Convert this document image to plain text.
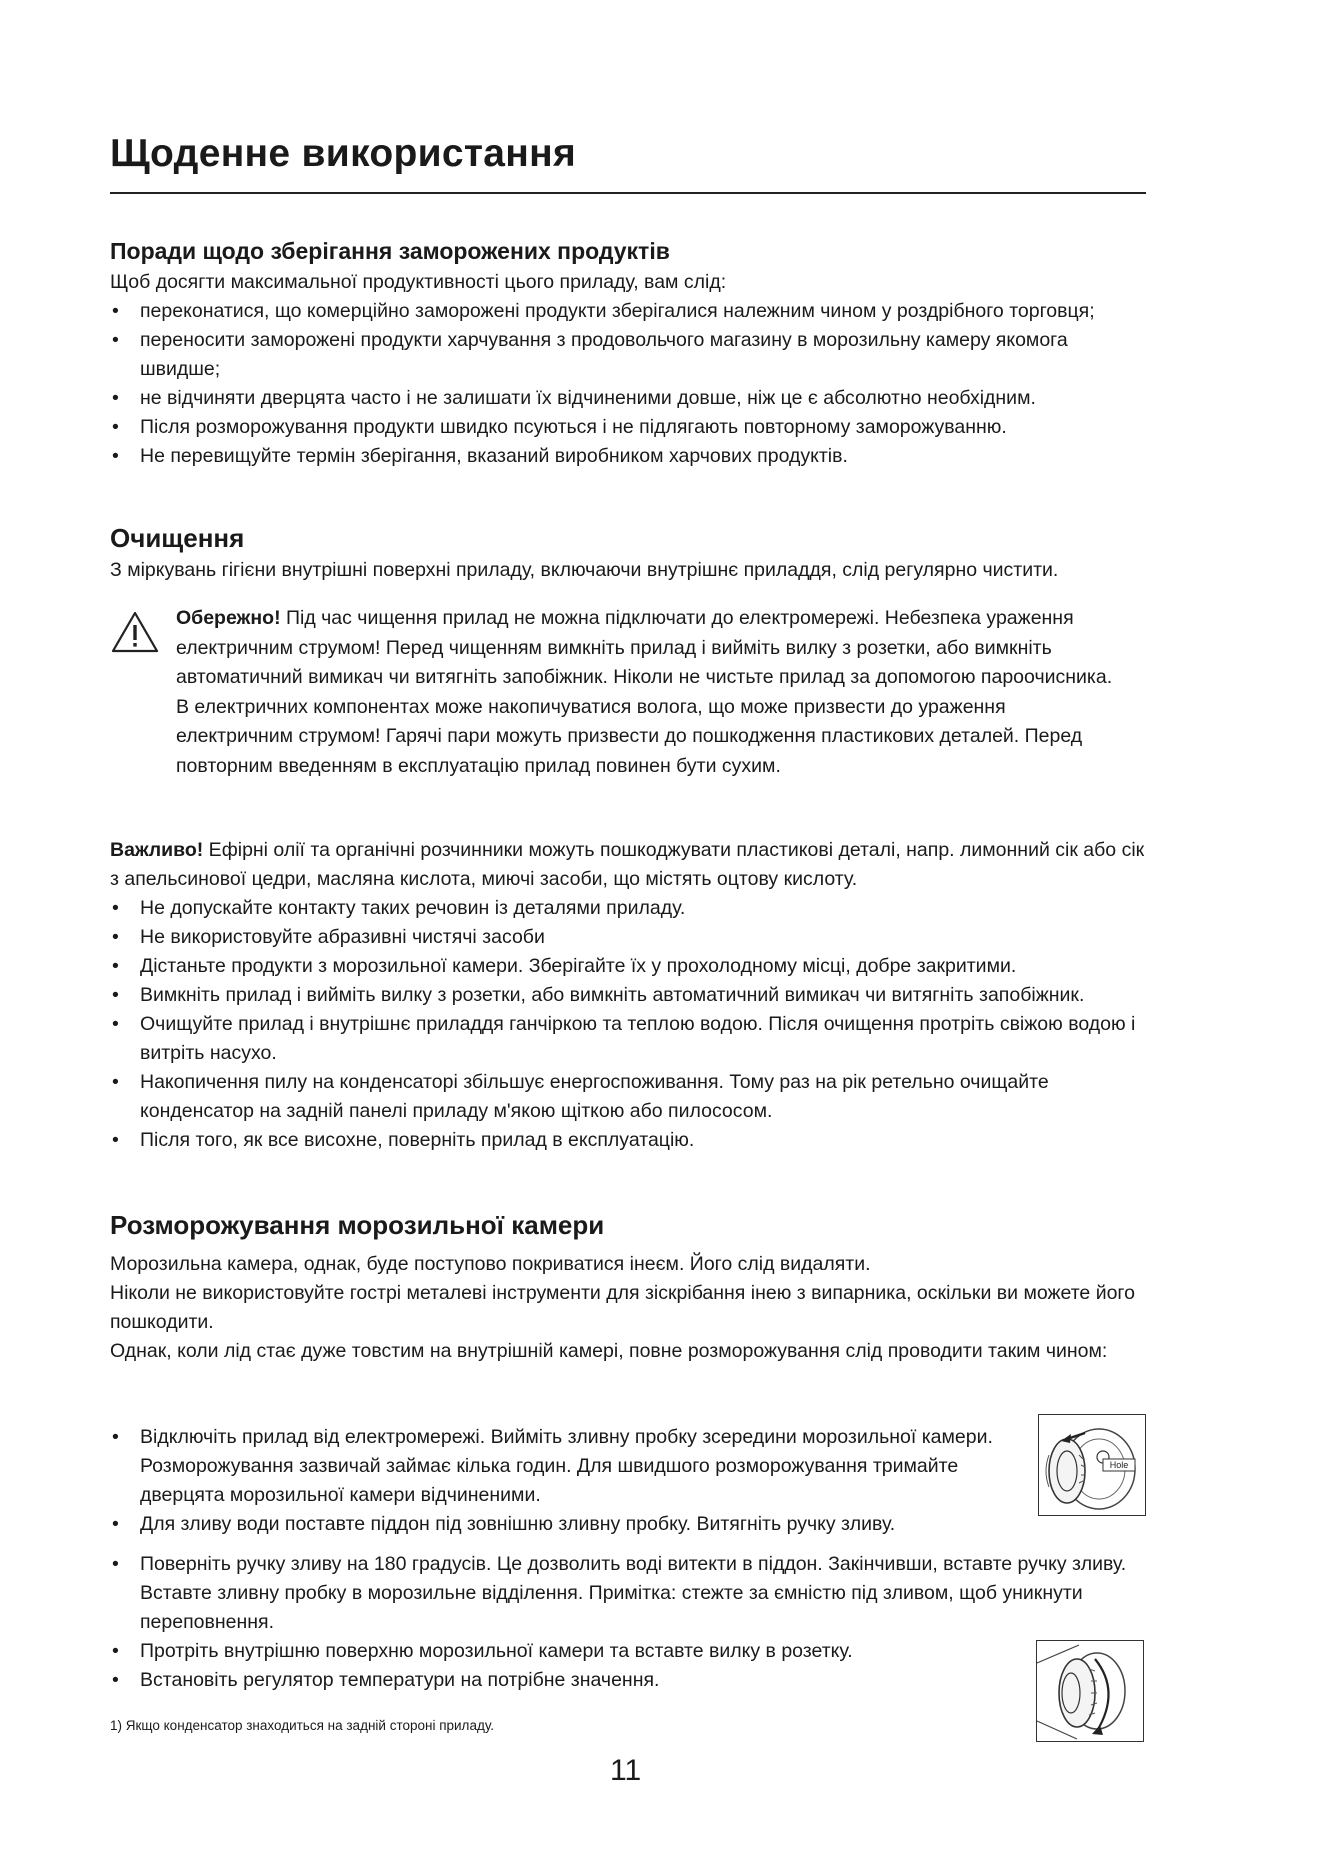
Щоденне використання
Поради щодо зберігання заморожених продуктів

Щоб досягти максимальної продуктивності цього приладу, вам слід:

• переконатися, що комерційно заморожені продукти зберігалися належним чином у роздрібного торговця;
• переносити заморожені продукти харчування з продовольчого магазину в морозильну камеру якомога швидше;
• не відчиняти дверцята часто і не залишати їх відчиненими довше, ніж це є абсолютно необхідним.
• Після розморожування продукти швидко псуються і не підлягають повторному заморожуванню.
• Не перевищуйте термін зберігання, вказаний виробником харчових продуктів.
Очищення

З міркувань гігієни внутрішні поверхні приладу, включаючи внутрішнє приладдя, слід регулярно чистити.

Обережно! Під час чищення прилад не можна підключати до електромережі. Небезпека ураження електричним струмом! Перед чищенням вимкніть прилад і вийміть вилку з розетки, або вимкніть автоматичний вимикач чи витягніть запобіжник. Ніколи не чистьте прилад за допомогою пароочисника. В електричних компонентах може накопичуватися волога, що може призвести до ураження електричним струмом! Гарячі пари можуть призвести до пошкодження пластикових деталей. Перед повторним введенням в експлуатацію прилад повинен бути сухим.

Важливо! Ефірні олії та органічні розчинники можуть пошкоджувати пластикові деталі, напр. лимонний сік або сік з апельсинової цедри, масляна кислота, миючі засоби, що містять оцтову кислоту.

• Не допускайте контакту таких речовин із деталями приладу.
• Не використовуйте абразивні чистячі засоби
• Дістаньте продукти з морозильної камери. Зберігайте їх у прохолодному місці, добре закритими.
• Вимкніть прилад і вийміть вилку з розетки, або вимкніть автоматичний вимикач чи витягніть запобіжник.
• Очищуйте прилад і внутрішнє приладдя ганчіркою та теплою водою. Після очищення протріть свіжою водою і витріть насухо.
• Накопичення пилу на конденсаторі збільшує енергоспоживання. Тому раз на рік ретельно очищайте конденсатор на задній панелі приладу м'якою щіткою або пилососом.
• Після того, як все висохне, поверніть прилад в експлуатацію.
Розморожування морозильної камери

Морозильна камера, однак, буде поступово покриватися інеєм. Його слід видаляти.

Ніколи не використовуйте гострі металеві інструменти для зіскрібання інею з випарника, оскільки ви можете його пошкодити.

Однак, коли лід стає дуже товстим на внутрішній камері, повне розморожування слід проводити таким чином:

• Відключіть прилад від електромережі. Вийміть зливну пробку зсередини морозильної камери. Розморожування зазвичай займає кілька годин. Для швидшого розморожування тримайте дверцята морозильної камери відчиненими.
• Для зливу води поставте піддон під зовнішню зливну пробку. Витягніть ручку зливу.
• Поверніть ручку зливу на 180 градусів. Це дозволить воді витекти в піддон. Закінчивши, вставте ручку зливу. Вставте зливну пробку в морозильне відділення. Примітка: стежте за ємністю під зливом, щоб уникнути переповнення.
• Протріть внутрішню поверхню морозильної камери та вставте вилку в розетку.
• Встановіть регулятор температури на потрібне значення.
Hole
1) Якщо конденсатор знаходиться на задній стороні приладу.
11
